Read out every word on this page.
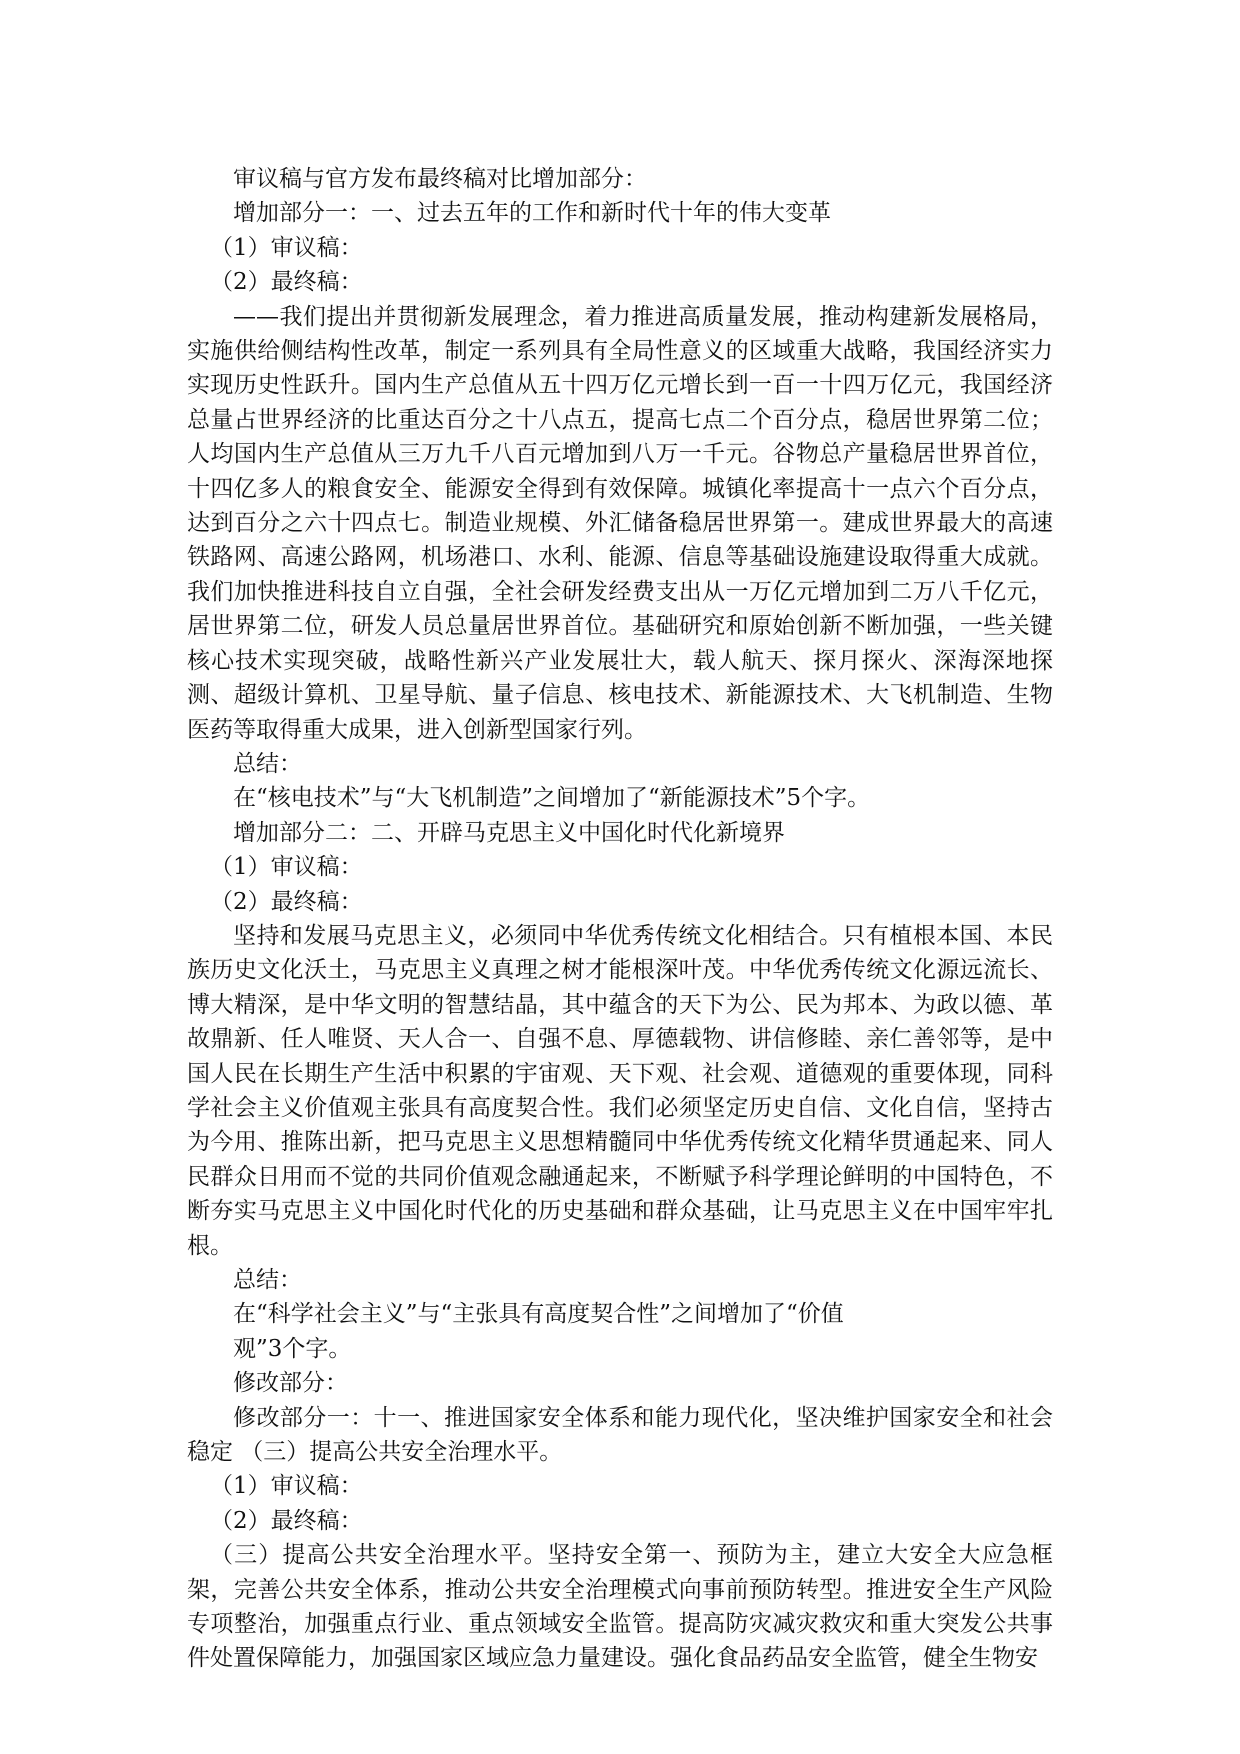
审议稿与官方发布最终稿对比增加部分：

增加部分一：一、过去五年的工作和新时代十年的伟大变革

（1）审议稿：

（2）最终稿：

——我们提出并贯彻新发展理念，着力推进高质量发展，推动构建新发展格局，实施供给侧结构性改革，制定一系列具有全局性意义的区域重大战略，我国经济实力实现历史性跃升。国内生产总值从五十四万亿元增长到一百一十四万亿元，我国经济总量占世界经济的比重达百分之十八点五，提高七点二个百分点，稳居世界第二位；人均国内生产总值从三万九千八百元增加到八万一千元。谷物总产量稳居世界首位，十四亿多人的粮食安全、能源安全得到有效保障。城镇化率提高十一点六个百分点，达到百分之六十四点七。制造业规模、外汇储备稳居世界第一。建成世界最大的高速铁路网、高速公路网，机场港口、水利、能源、信息等基础设施建设取得重大成就。我们加快推进科技自立自强，全社会研发经费支出从一万亿元增加到二万八千亿元，居世界第二位，研发人员总量居世界首位。基础研究和原始创新不断加强，一些关键核心技术实现突破，战略性新兴产业发展壮大，载人航天、探月探火、深海深地探测、超级计算机、卫星导航、量子信息、核电技术、新能源技术、大飞机制造、生物医药等取得重大成果，进入创新型国家行列。

总结：

在“核电技术”与“大飞机制造”之间增加了“新能源技术”5个字。

增加部分二：二、开辟马克思主义中国化时代化新境界

（1）审议稿：

（2）最终稿：

坚持和发展马克思主义，必须同中华优秀传统文化相结合。只有植根本国、本民族历史文化沃土，马克思主义真理之树才能根深叶茂。中华优秀传统文化源远流长、博大精深，是中华文明的智慧结晶，其中蕴含的天下为公、民为邦本、为政以德、革故鼎新、任人唯贤、天人合一、自强不息、厚德载物、讲信修睦、亲仁善邻等，是中国人民在长期生产生活中积累的宇宙观、天下观、社会观、道德观的重要体现，同科学社会主义价值观主张具有高度契合性。我们必须坚定历史自信、文化自信，坚持古为今用、推陈出新，把马克思主义思想精髓同中华优秀传统文化精华贯通起来、同人民群众日用而不觉的共同价值观念融通起来，不断赋予科学理论鲜明的中国特色，不断夯实马克思主义中国化时代化的历史基础和群众基础，让马克思主义在中国牢牢扎根。

总结：

在“科学社会主义”与“主张具有高度契合性”之间增加了“价值

观”3个字。

修改部分：

修改部分一：十一、推进国家安全体系和能力现代化，坚决维护国家安全和社会稳定 （三）提高公共安全治理水平。

（1）审议稿：

（2）最终稿：

（三）提高公共安全治理水平。坚持安全第一、预防为主，建立大安全大应急框架，完善公共安全体系，推动公共安全治理模式向事前预防转型。推进安全生产风险专项整治，加强重点行业、重点领域安全监管。提高防灾减灾救灾和重大突发公共事件处置保障能力，加强国家区域应急力量建设。强化食品药品安全监管，健全生物安
